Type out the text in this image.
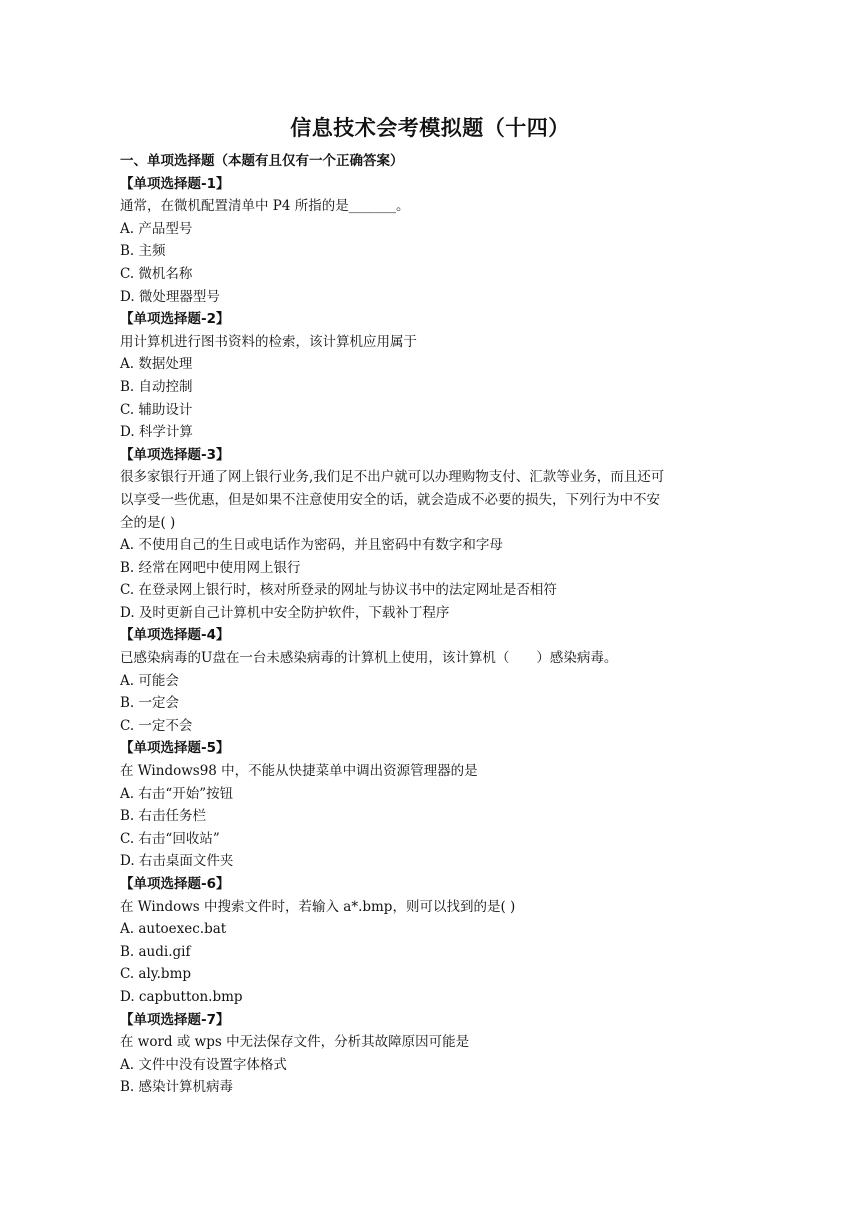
信息技术会考模拟题（十四）
一、单项选择题（本题有且仅有一个正确答案）
【单项选择题-1】
通常，在微机配置清单中 P4 所指的是_______。
A. 产品型号
B. 主频
C. 微机名称
D. 微处理器型号
【单项选择题-2】
用计算机进行图书资料的检索，该计算机应用属于
A. 数据处理
B. 自动控制
C. 辅助设计
D. 科学计算
【单项选择题-3】
很多家银行开通了网上银行业务,我们足不出户就可以办理购物支付、汇款等业务，而且还可
以享受一些优惠，但是如果不注意使用安全的话，就会造成不必要的损失，下列行为中不安
全的是( )
A. 不使用自己的生日或电话作为密码，并且密码中有数字和字母
B. 经常在网吧中使用网上银行
C. 在登录网上银行时，核对所登录的网址与协议书中的法定网址是否相符
D. 及时更新自己计算机中安全防护软件，下载补丁程序
【单项选择题-4】
已感染病毒的U盘在一台未感染病毒的计算机上使用，该计算机（　　）感染病毒。
A. 可能会
B. 一定会
C. 一定不会
【单项选择题-5】
在 Windows98 中，不能从快捷菜单中调出资源管理器的是
A. 右击“开始”按钮
B. 右击任务栏
C. 右击“回收站”
D. 右击桌面文件夹
【单项选择题-6】
在 Windows 中搜索文件时，若输入 a*.bmp，则可以找到的是( )
A. autoexec.bat
B. audi.gif
C. aly.bmp
D. capbutton.bmp
【单项选择题-7】
在 word 或 wps 中无法保存文件，分析其故障原因可能是
A. 文件中没有设置字体格式
B. 感染计算机病毒
